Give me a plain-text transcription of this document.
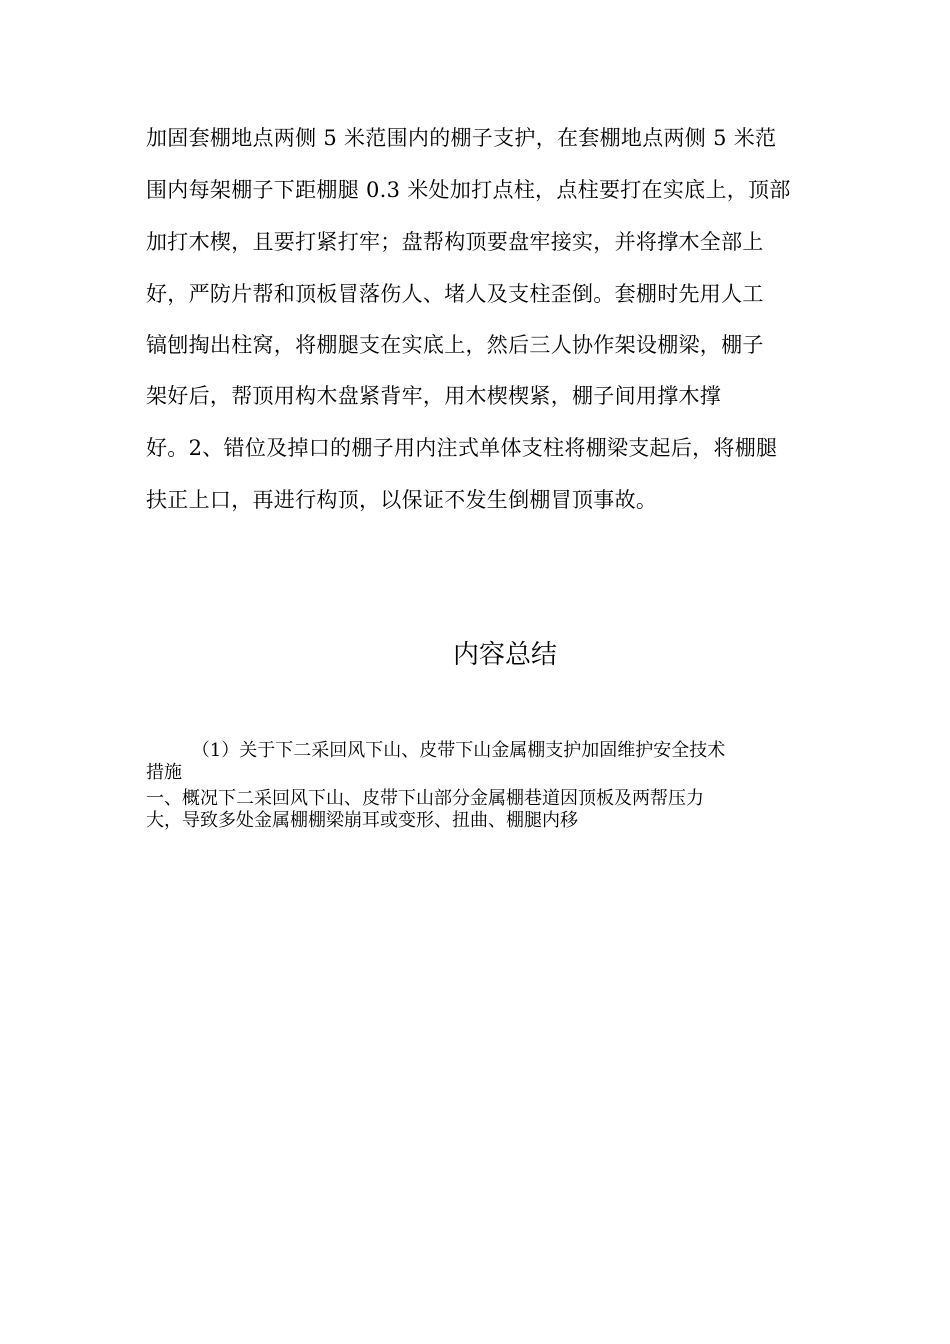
加固套棚地点两侧 5 米范围内的棚子支护，在套棚地点两侧 5 米范
围内每架棚子下距棚腿 0.3 米处加打点柱，点柱要打在实底上，顶部
加打木楔，且要打紧打牢；盘帮构顶要盘牢接实，并将撑木全部上
好，严防片帮和顶板冒落伤人、堵人及支柱歪倒。套棚时先用人工
镐刨掏出柱窝，将棚腿支在实底上，然后三人协作架设棚梁，棚子
架好后，帮顶用构木盘紧背牢，用木楔楔紧，棚子间用撑木撑
好。2、错位及掉口的棚子用内注式单体支柱将棚梁支起后，将棚腿
扶正上口，再进行构顶，以保证不发生倒棚冒顶事故。
内容总结
（1）关于下二采回风下山、皮带下山金属棚支护加固维护安全技术
措施
一、概况下二采回风下山、皮带下山部分金属棚巷道因顶板及两帮压力
大，导致多处金属棚棚梁崩耳或变形、扭曲、棚腿内移
